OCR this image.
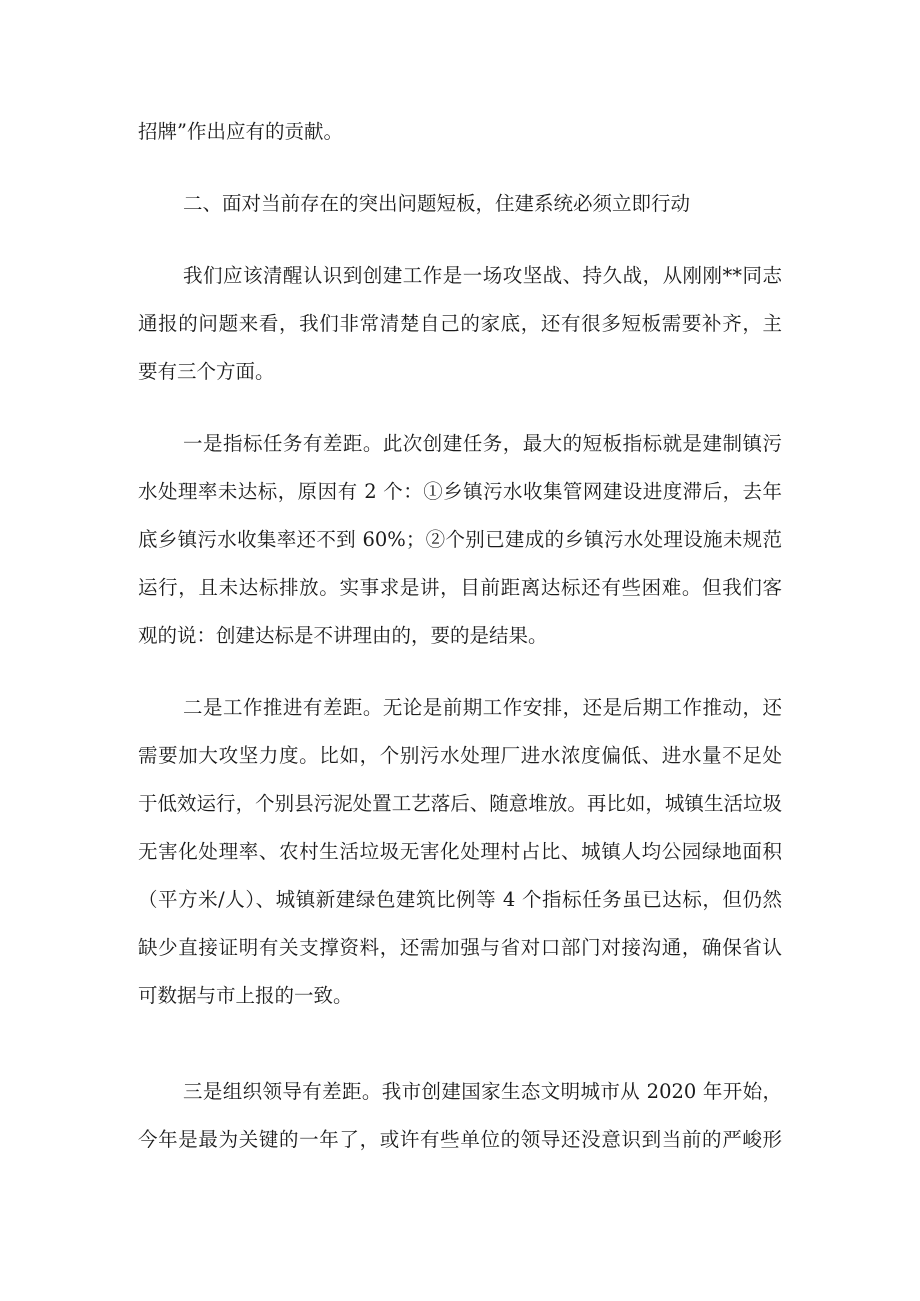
招牌”作出应有的贡献。
二、面对当前存在的突出问题短板，住建系统必须立即行动
我们应该清醒认识到创建工作是一场攻坚战、持久战，从刚刚**同志
通报的问题来看，我们非常清楚自己的家底，还有很多短板需要补齐，主
要有三个方面。
一是指标任务有差距。此次创建任务，最大的短板指标就是建制镇污
水处理率未达标，原因有 2 个：①乡镇污水收集管网建设进度滞后，去年
底乡镇污水收集率还不到 60%；②个别已建成的乡镇污水处理设施未规范
运行，且未达标排放。实事求是讲，目前距离达标还有些困难。但我们客
观的说：创建达标是不讲理由的，要的是结果。
二是工作推进有差距。无论是前期工作安排，还是后期工作推动，还
需要加大攻坚力度。比如，个别污水处理厂进水浓度偏低、进水量不足处
于低效运行，个别县污泥处置工艺落后、随意堆放。再比如，城镇生活垃圾
无害化处理率、农村生活垃圾无害化处理村占比、城镇人均公园绿地面积
（平方米/人）、城镇新建绿色建筑比例等 4 个指标任务虽已达标，但仍然
缺少直接证明有关支撑资料，还需加强与省对口部门对接沟通，确保省认
可数据与市上报的一致。
三是组织领导有差距。我市创建国家生态文明城市从 2020 年开始，
今年是最为关键的一年了，或许有些单位的领导还没意识到当前的严峻形
